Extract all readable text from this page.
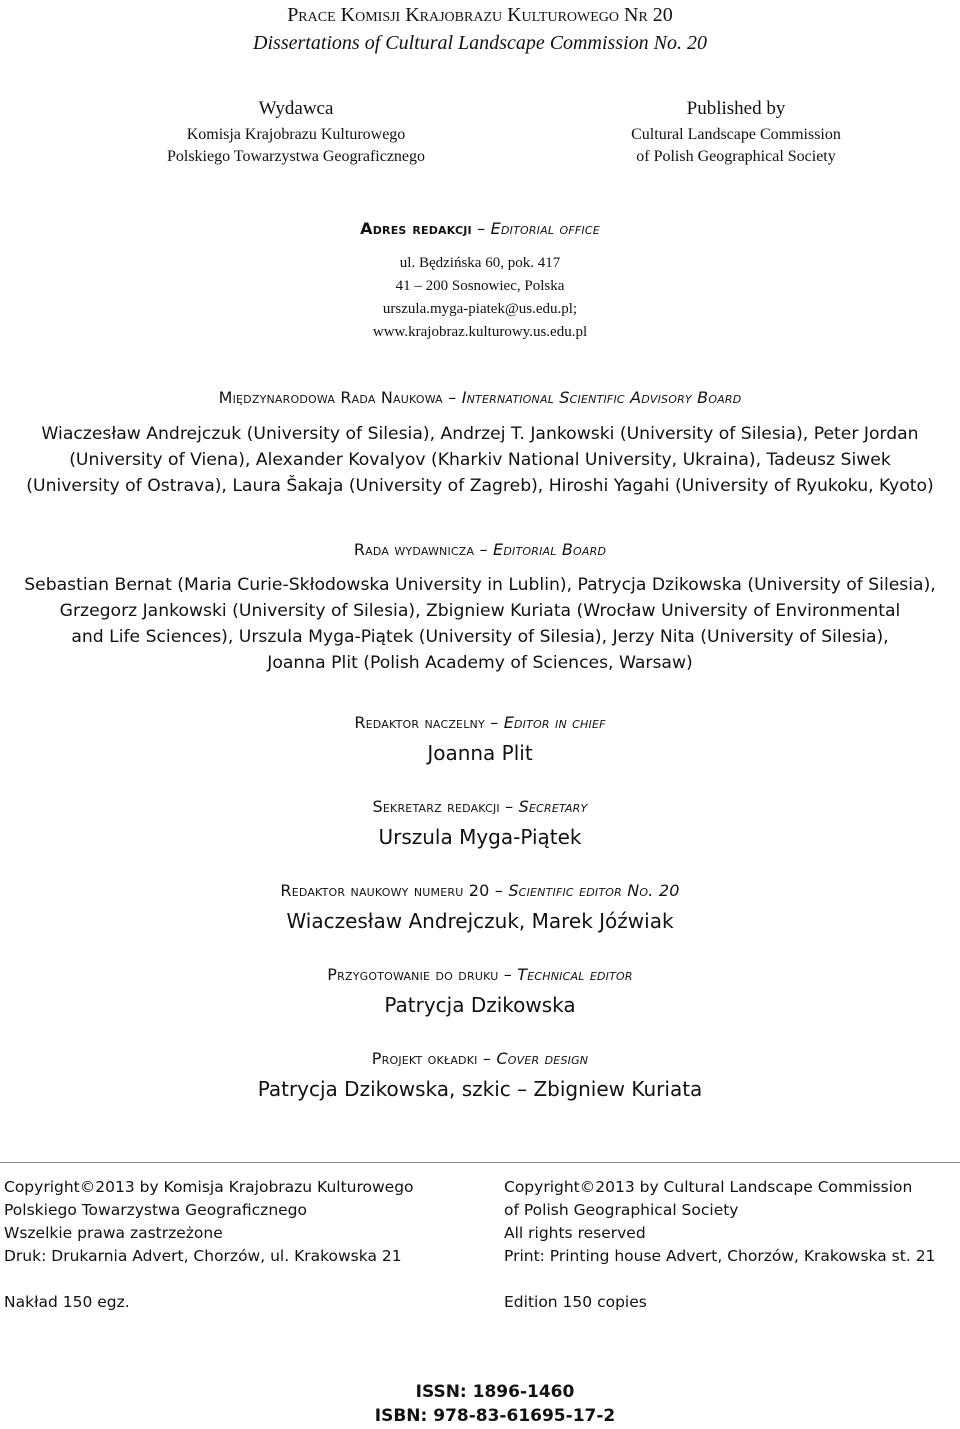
Prace Komisji Krajobrazu Kulturowego Nr 20
Dissertations of Cultural Landscape Commission No. 20
Wydawca
Komisja Krajobrazu Kulturowego
Polskiego Towarzystwa Geograficznego
Published by
Cultural Landscape Commission
of Polish Geographical Society
Adres redakcji – Editorial office
ul. Będzińska 60, pok. 417
41 – 200 Sosnowiec, Polska
urszula.myga-piatek@us.edu.pl;
www.krajobraz.kulturowy.us.edu.pl
Międzynarodowa Rada Naukowa – International Scientific Advisory Board
Wiaczesław Andrejczuk (University of Silesia), Andrzej T. Jankowski (University of Silesia), Peter Jordan
(University of Viena), Alexander Kovalyov (Kharkiv National University, Ukraina), Tadeusz Siwek
(University of Ostrava), Laura Šakaja (University of Zagreb), Hiroshi Yagahi (University of Ryukoku, Kyoto)
Rada wydawnicza – Editorial Board
Sebastian Bernat (Maria Curie-Skłodowska University in Lublin), Patrycja Dzikowska (University of Silesia),
Grzegorz Jankowski (University of Silesia), Zbigniew Kuriata (Wrocław University of Environmental
and Life Sciences), Urszula Myga-Piątek (University of Silesia), Jerzy Nita (University of Silesia),
Joanna Plit (Polish Academy of Sciences, Warsaw)
Redaktor naczelny – Editor in chief
Joanna Plit
Sekretarz redakcji – Secretary
Urszula Myga-Piątek
Redaktor naukowy numeru 20 – Scientific editor No. 20
Wiaczesław Andrejczuk, Marek Jóźwiak
Przygotowanie do druku – Technical editor
Patrycja Dzikowska
Projekt okładki – Cover design
Patrycja Dzikowska, szkic – Zbigniew Kuriata
Copyright©2013 by Komisja Krajobrazu Kulturowego
Polskiego Towarzystwa Geograficznego
Wszelkie prawa zastrzeżone
Druk: Drukarnia Advert, Chorzów, ul. Krakowska 21
Nakład 150 egz.
Copyright©2013 by Cultural Landscape Commission
of Polish Geographical Society
All rights reserved
Print: Printing house Advert, Chorzów, Krakowska st. 21
Edition 150 copies
ISSN: 1896-1460
ISBN: 978-83-61695-17-2
